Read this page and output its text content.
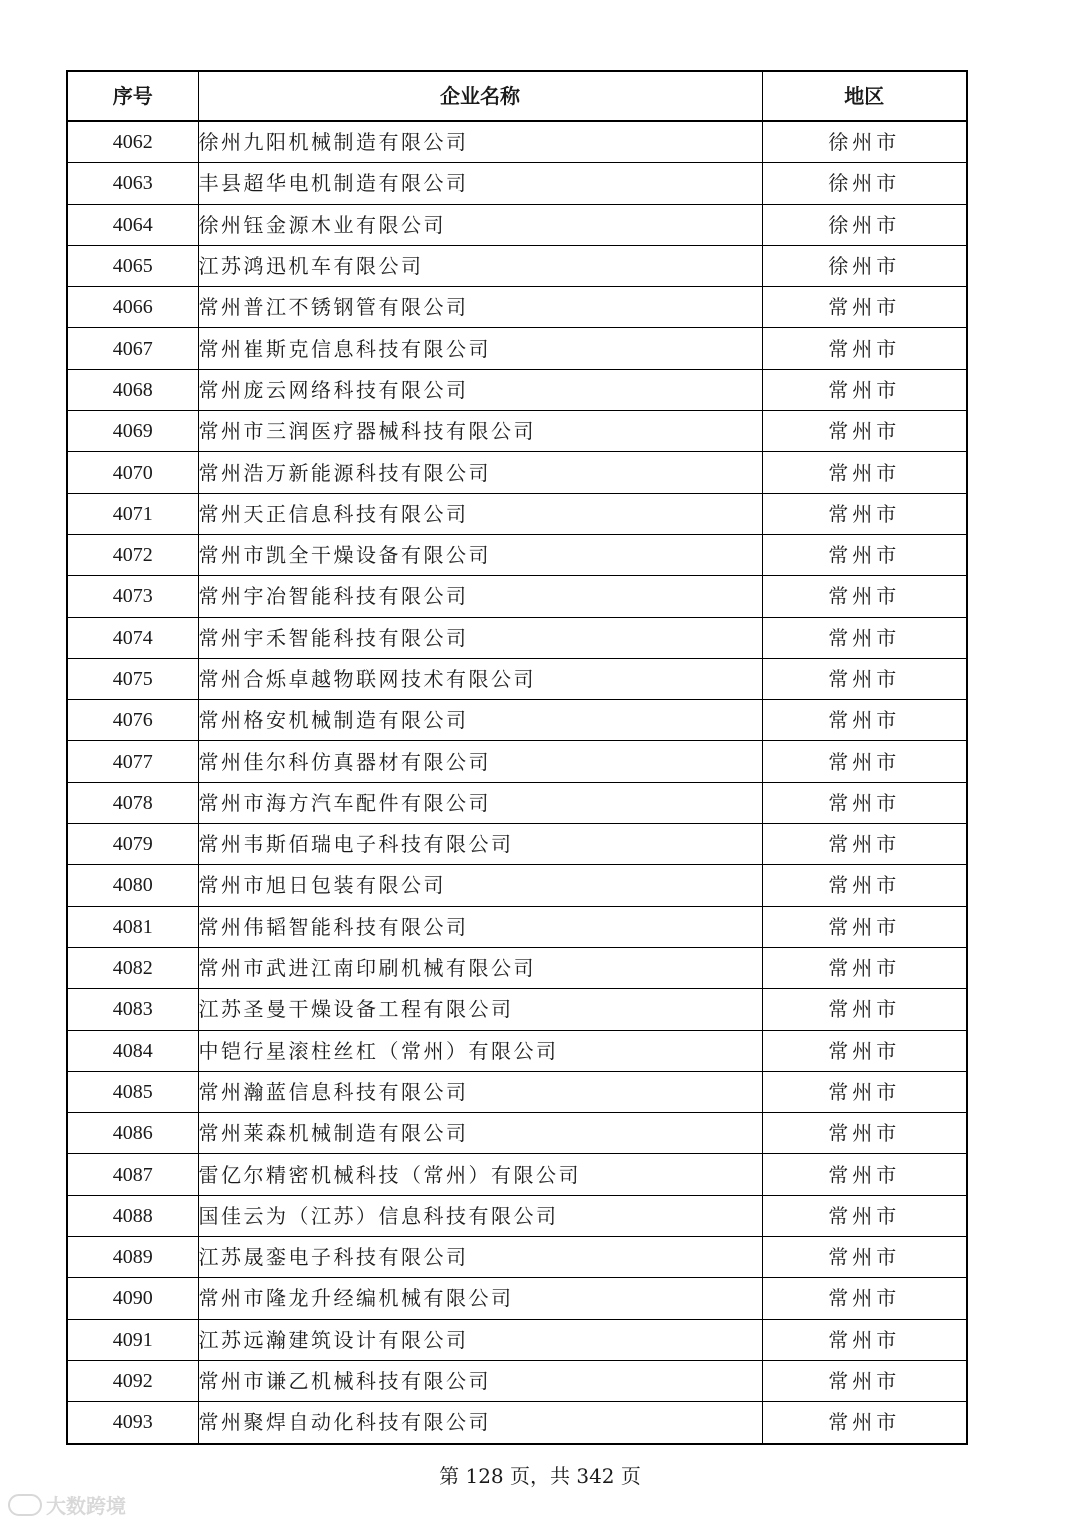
序号	企业名称	地区
4062	徐州九阳机械制造有限公司	徐州市
4063	丰县超华电机制造有限公司	徐州市
4064	徐州钰金源木业有限公司	徐州市
4065	江苏鸿迅机车有限公司	徐州市
4066	常州普江不锈钢管有限公司	常州市
4067	常州崔斯克信息科技有限公司	常州市
4068	常州庞云网络科技有限公司	常州市
4069	常州市三润医疗器械科技有限公司	常州市
4070	常州浩万新能源科技有限公司	常州市
4071	常州天正信息科技有限公司	常州市
4072	常州市凯全干燥设备有限公司	常州市
4073	常州宇冶智能科技有限公司	常州市
4074	常州宇禾智能科技有限公司	常州市
4075	常州合烁卓越物联网技术有限公司	常州市
4076	常州格安机械制造有限公司	常州市
4077	常州佳尔科仿真器材有限公司	常州市
4078	常州市海方汽车配件有限公司	常州市
4079	常州韦斯佰瑞电子科技有限公司	常州市
4080	常州市旭日包装有限公司	常州市
4081	常州伟韬智能科技有限公司	常州市
4082	常州市武进江南印刷机械有限公司	常州市
4083	江苏圣曼干燥设备工程有限公司	常州市
4084	中铠行星滚柱丝杠（常州）有限公司	常州市
4085	常州瀚蓝信息科技有限公司	常州市
4086	常州莱森机械制造有限公司	常州市
4087	雷亿尔精密机械科技（常州）有限公司	常州市
4088	国佳云为（江苏）信息科技有限公司	常州市
4089	江苏晟銮电子科技有限公司	常州市
4090	常州市隆龙升经编机械有限公司	常州市
4091	江苏远瀚建筑设计有限公司	常州市
4092	常州市谦乙机械科技有限公司	常州市
4093	常州聚焊自动化科技有限公司	常州市
第 128 页，共 342 页
大数跨境
